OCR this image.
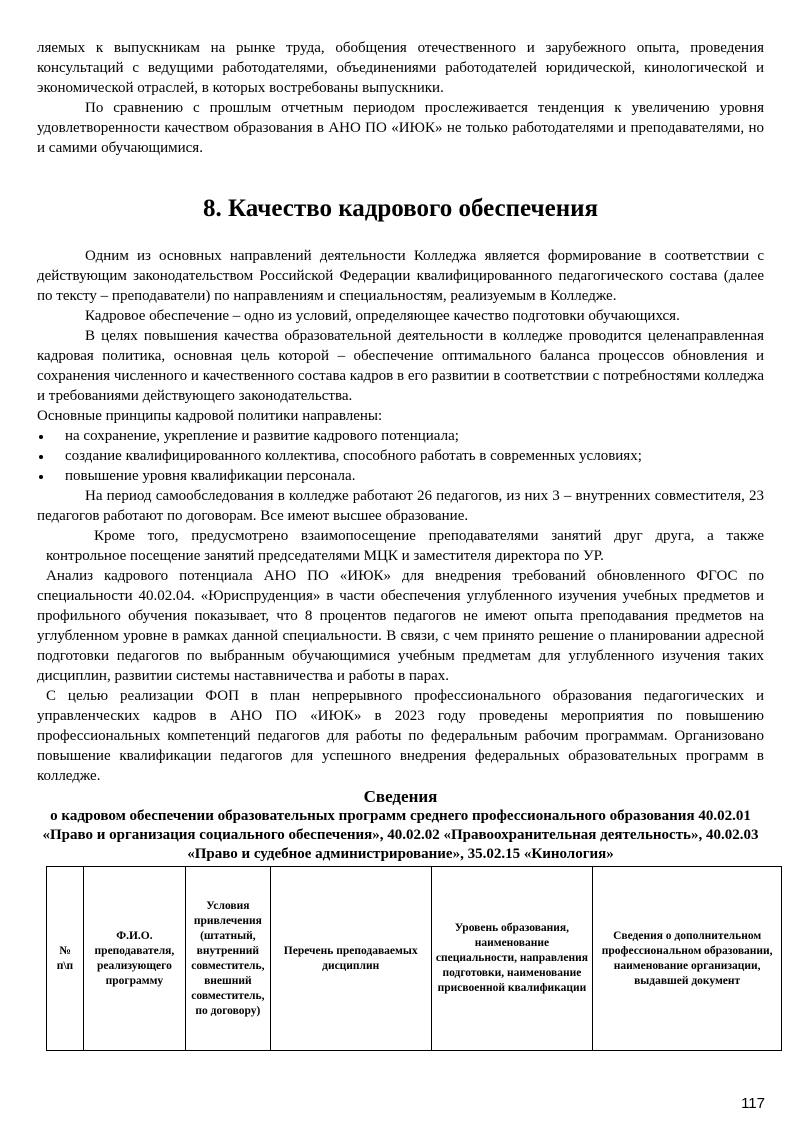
ляемых к выпускникам на рынке труда, обобщения отечественного и зарубежного опыта, проведения консультаций с ведущими работодателями, объединениями работодателей юридической, кинологической и экономической отраслей, в которых востребованы выпускники.

По сравнению с прошлым отчетным периодом прослеживается тенденция к увеличению уровня удовлетворенности качеством образования в АНО ПО «ИЮК» не только работодателями и преподавателями, но и самими обучающимися.

8. Качество кадрового обеспечения

Одним из основных направлений деятельности Колледжа является формирование в соответствии с действующим законодательством Российской Федерации квалифицированного педагогического состава (далее по тексту – преподаватели) по направлениям и специальностям, реализуемым в Колледже.

Кадровое обеспечение – одно из условий, определяющее качество подготовки обучающихся.

В целях повышения качества образовательной деятельности в колледже проводится целенаправленная кадровая политика, основная цель которой – обеспечение оптимального баланса процессов обновления и сохранения численного и качественного состава кадров в его развитии в соответствии с потребностями колледжа и требованиями действующего законодательства.

Основные принципы кадровой политики направлены:

на сохранение, укрепление и развитие кадрового потенциала;
создание квалифицированного коллектива, способного работать в современных условиях;
повышение уровня квалификации персонала.

На период самообследования в колледже работают 26 педагогов, из них 3 – внутренних совместителя, 23 педагогов работают по договорам. Все имеют высшее образование.

Кроме того, предусмотрено взаимопосещение преподавателями занятий друг друга, а также контрольное посещение занятий председателями МЦК и заместителя директора по УР.

Анализ кадрового потенциала АНО ПО «ИЮК» для внедрения требований обновленного ФГОС по специальности 40.02.04. «Юриспруденция» в части обеспечения углубленного изучения учебных предметов и профильного обучения показывает, что 8 процентов педагогов не имеют опыта преподавания предметов на углубленном уровне в рамках данной специальности. В связи, с чем принято решение о планировании адресной подготовки педагогов по выбранным обучающимися учебным предметам для углубленного изучения таких дисциплин, развитии системы наставничества и работы в парах.

С целью реализации ФОП в план непрерывного профессионального образования педагогических и управленческих кадров в АНО ПО «ИЮК» в 2023 году проведены мероприятия по повышению профессиональных компетенций педагогов для работы по федеральным рабочим программам. Организовано повышение квалификации педагогов для успешного внедрения федеральных образовательных программ в колледже.

Сведения
о кадровом обеспечении образовательных программ среднего профессионального образования 40.02.01 «Право и организация социального обеспечения», 40.02.02 «Правоохранительная деятельность», 40.02.03 «Право и судебное администрирование», 35.02.15 «Кинология»
№ п\п	Ф.И.О. преподавателя, реализующего программу	Условия привлечения (штатный, внутренний совместитель, внешний совместитель, по договору)	Перечень преподаваемых дисциплин	Уровень образования, наименование специальности, направления подготовки, наименование присвоенной квалификации	Сведения о дополнительном профессиональном образовании, наименование организации, выдавшей документ
117
